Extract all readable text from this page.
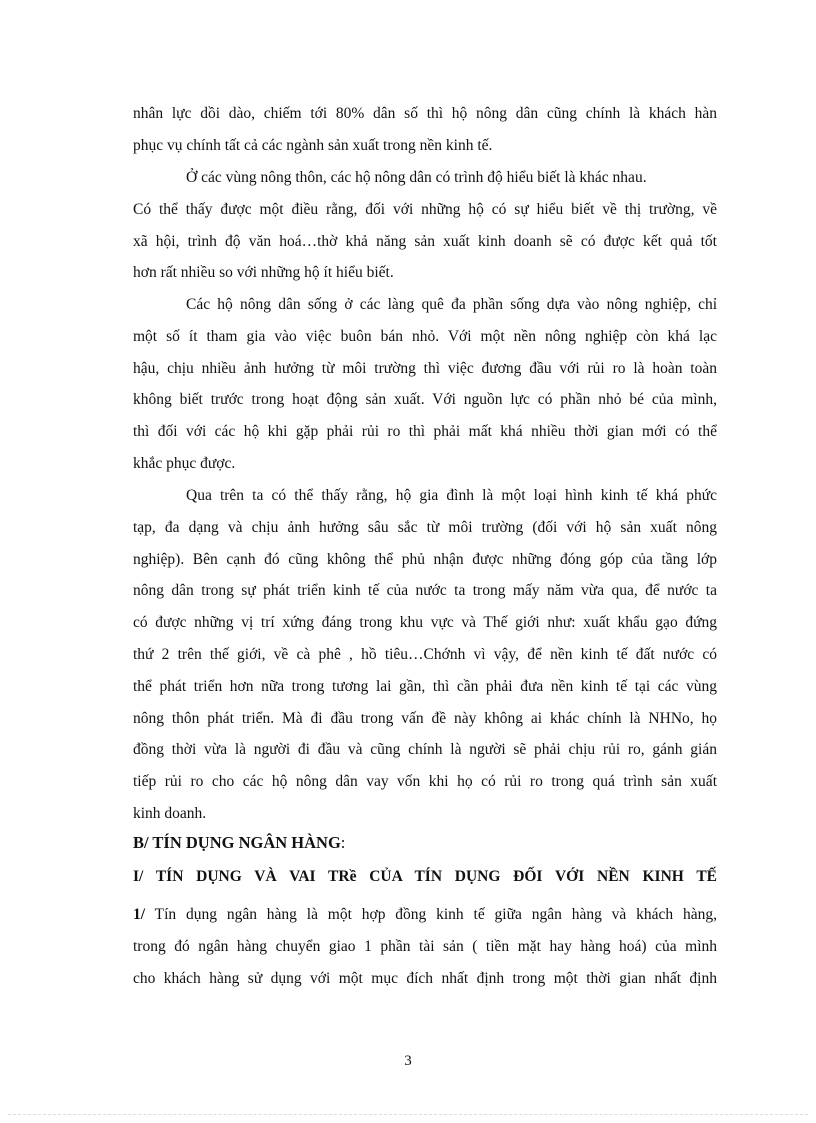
nhân lực dồi dào, chiếm tới 80% dân số thì hộ nông dân cũng chính là khách hàn
phục vụ chính tất cả các ngành sản xuất trong nền kinh tế.
Ở các vùng nông thôn, các hộ nông dân có trình độ hiểu biết là khác nhau.
Có thể thấy được một điều rằng, đối với những hộ có sự hiểu biết về thị trường, về
xã hội, trình độ văn hoá…thờ khả năng sản xuất kinh doanh sẽ có được kết quả tốt
hơn rất nhiều so với những hộ ít hiểu biết.
Các hộ nông dân sống ở các làng quê đa phần sống dựa vào nông nghiệp, chỉ
một số ít tham gia vào việc buôn bán nhỏ. Với một nền nông nghiệp còn khá lạc
hậu, chịu nhiều ảnh hưởng từ môi trường thì việc đương đầu với rủi ro là hoàn toàn
không biết trước trong hoạt động sản xuất. Với nguồn lực có phần nhỏ bé của mình,
thì đối với các hộ khi gặp phải rủi ro thì phải mất khá nhiều thời gian mới có thể
khắc phục được.
Qua trên ta có thể thấy rằng, hộ gia đình là một loại hình kinh tế khá phức
tạp, đa dạng và chịu ảnh hưởng sâu sắc từ môi trường (đối với hộ sản xuất nông
nghiệp). Bên cạnh đó cũng không thể phủ nhận được những đóng góp của tầng lớp
nông dân trong sự phát triển kinh tế của nước ta trong mấy năm vừa qua, để nước ta
có được những vị trí xứng đáng trong khu vực và Thế giới như: xuất khẩu gạo đứng
thứ 2 trên thế giới, về cà phê , hồ tiêu…Chớnh vì vậy, để nền kinh tế đất nước có
thể phát triển hơn nữa trong tương lai gần, thì cần phải đưa nền kinh tế tại các vùng
nông thôn phát triển. Mà đi đầu trong vấn đề này không ai khác chính là NHNo, họ
đồng thời vừa là người đi đầu và cũng chính là người sẽ phải chịu rủi ro, gánh gián
tiếp rủi ro cho các hộ nông dân vay vốn khi họ có rủi ro trong quá trình sản xuất
kinh doanh.
B/ TÍN DỤNG NGÂN HÀNG:
I/ TÍN DỤNG VÀ VAI TRề CỦA TÍN DỤNG ĐỐI VỚI NỀN KINH TẾ
1/ Tín dụng ngân hàng là một hợp đồng kinh tế giữa ngân hàng và khách hàng,
trong đó ngân hàng chuyển giao 1 phần tài sản ( tiền mặt hay hàng hoá) của mình
cho khách hàng sử dụng với một mục đích nhất định trong một thời gian nhất định
3
